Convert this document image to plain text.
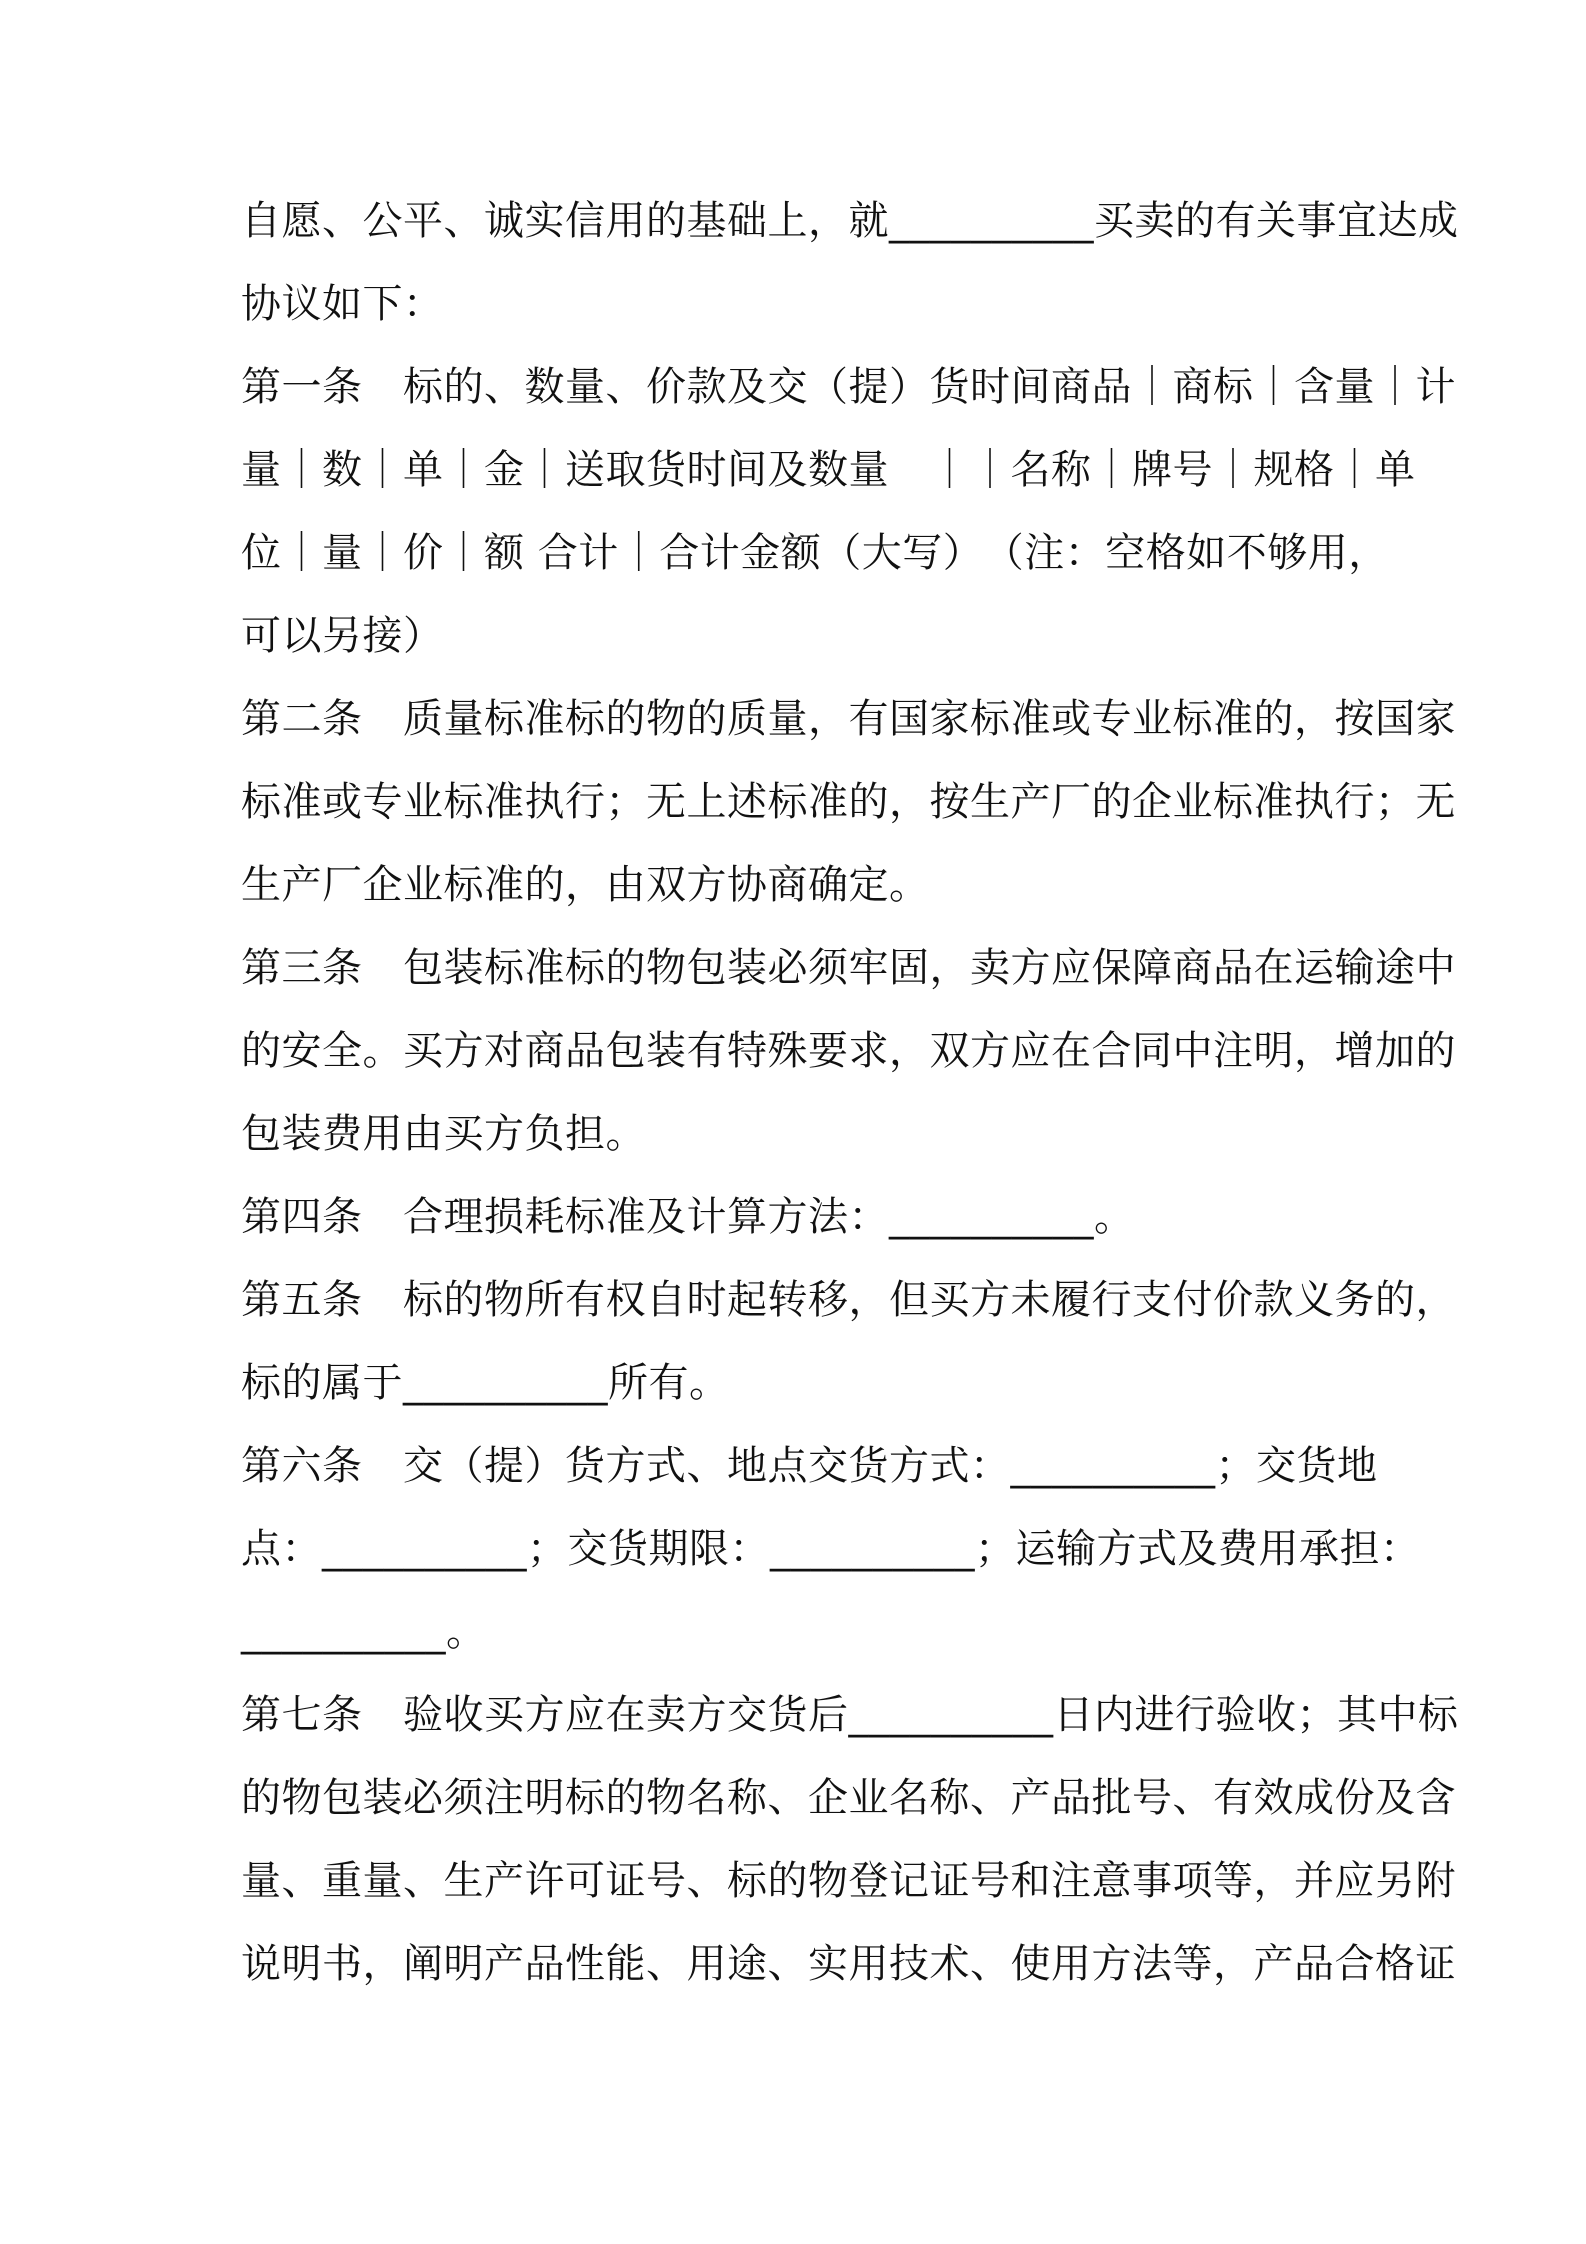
自愿、公平、诚实信用的基础上，就__________买卖的有关事宜达成
协议如下：
第一条　标的、数量、价款及交（提）货时间商品｜商标｜含量｜计
量｜数｜单｜金｜送取货时间及数量　｜｜名称｜牌号｜规格｜单
位｜量｜价｜额 合计｜合计金额（大写）　（注：空格如不够用，
可以另接）
第二条　质量标准标的物的质量，有国家标准或专业标准的，按国家
标准或专业标准执行；无上述标准的，按生产厂的企业标准执行；无
生产厂企业标准的，由双方协商确定。
第三条　包装标准标的物包装必须牢固，卖方应保障商品在运输途中
的安全。买方对商品包装有特殊要求，双方应在合同中注明，增加的
包装费用由买方负担。
第四条　合理损耗标准及计算方法：__________。
第五条　标的物所有权自时起转移，但买方未履行支付价款义务的，
标的属于__________所有。
第六条　交（提）货方式、地点交货方式：__________；交货地
点：__________；交货期限：__________；运输方式及费用承担：
__________。
第七条　验收买方应在卖方交货后__________日内进行验收；其中标
的物包装必须注明标的物名称、企业名称、产品批号、有效成份及含
量、重量、生产许可证号、标的物登记证号和注意事项等，并应另附
说明书，阐明产品性能、用途、实用技术、使用方法等，产品合格证
